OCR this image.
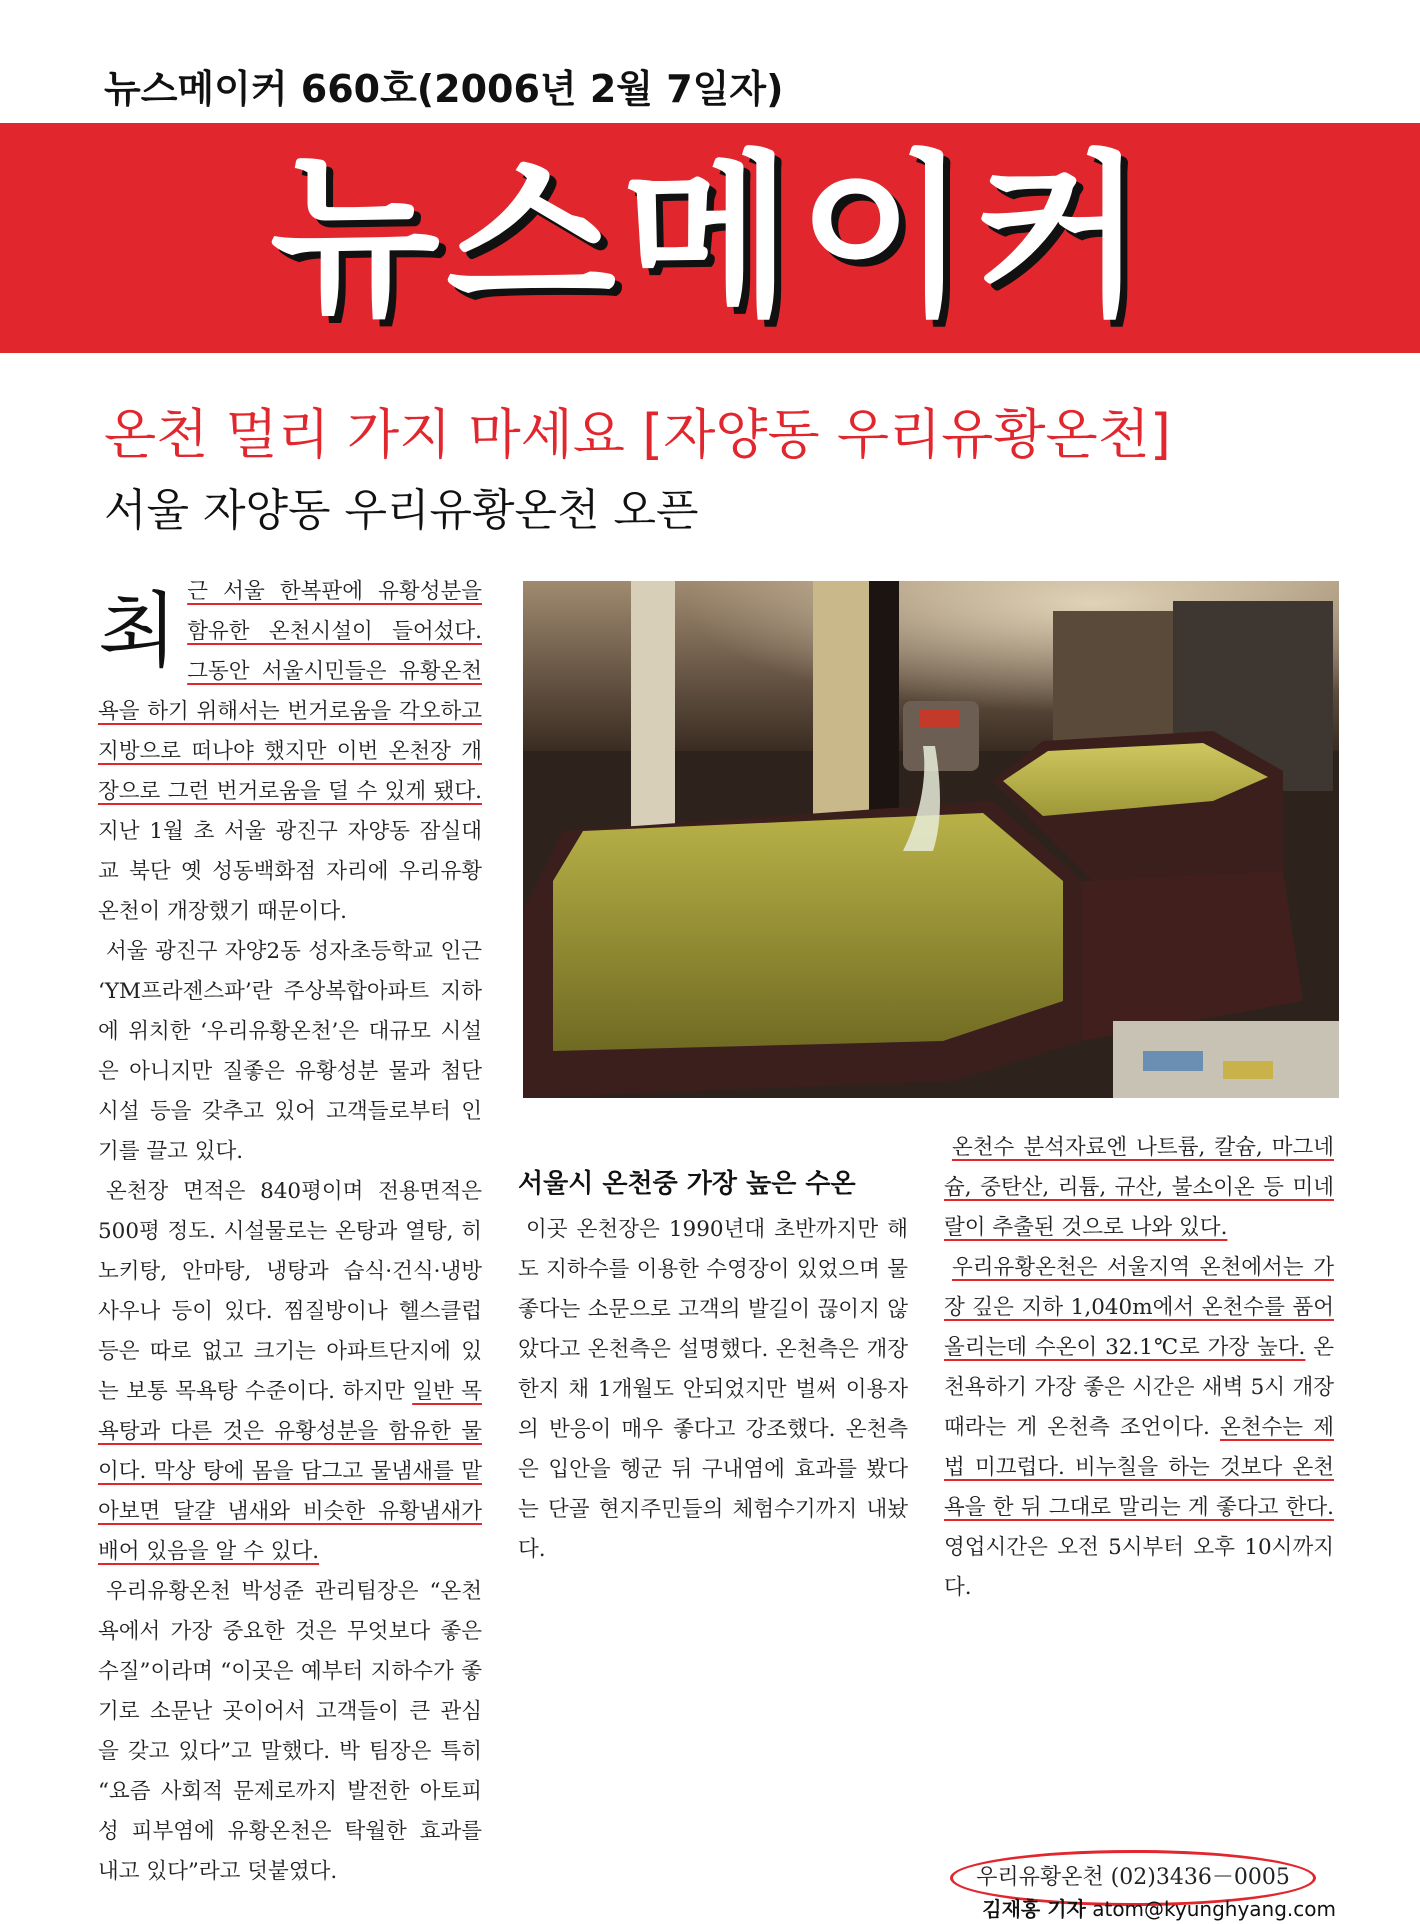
뉴스메이커 660호(2006년 2월 7일자)
뉴스메이커
온천 멀리 가지 마세요 [자양동 우리유황온천]
서울 자양동 우리유황온천 오픈

최근 서울 한복판에 유황성분을 함유한 온천시설이 들어섰다. 그동안 서울시민들은 유황온천욕을 하기 위해서는 번거로움을 각오하고 지방으로 떠나야 했지만 이번 온천장 개장으로 그런 번거로움을 덜 수 있게 됐다. 지난 1월 초 서울 광진구 자양동 잠실대교 북단 옛 성동백화점 자리에 우리유황온천이 개장했기 때문이다.

서울 광진구 자양2동 성자초등학교 인근 ‘YM프라젠스파’란 주상복합아파트 지하에 위치한 ‘우리유황온천’은 대규모 시설은 아니지만 질좋은 유황성분 물과 첨단시설 등을 갖추고 있어 고객들로부터 인기를 끌고 있다.

온천장 면적은 840평이며 전용면적은 500평 정도. 시설물로는 온탕과 열탕, 히노키탕, 안마탕, 냉탕과 습식·건식·냉방 사우나 등이 있다. 찜질방이나 헬스클럽 등은 따로 없고 크기는 아파트단지에 있는 보통 목욕탕 수준이다. 하지만 일반 목욕탕과 다른 것은 유황성분을 함유한 물이다. 막상 탕에 몸을 담그고 물냄새를 맡아보면 달걀 냄새와 비슷한 유황냄새가 배어 있음을 알 수 있다.

우리유황온천 박성준 관리팀장은 “온천욕에서 가장 중요한 것은 무엇보다 좋은 수질”이라며 “이곳은 예부터 지하수가 좋기로 소문난 곳이어서 고객들이 큰 관심을 갖고 있다”고 말했다. 박 팀장은 특히 “요즘 사회적 문제로까지 발전한 아토피성 피부염에 유황온천은 탁월한 효과를 내고 있다”라고 덧붙였다.

서울시 온천중 가장 높은 수온

이곳 온천장은 1990년대 초반까지만 해도 지하수를 이용한 수영장이 있었으며 물 좋다는 소문으로 고객의 발길이 끊이지 않았다고 온천측은 설명했다. 온천측은 개장한지 채 1개월도 안되었지만 벌써 이용자의 반응이 매우 좋다고 강조했다. 온천측은 입안을 헹군 뒤 구내염에 효과를 봤다는 단골 현지주민들의 체험수기까지 내놨다.

온천수 분석자료엔 나트륨, 칼슘, 마그네슘, 중탄산, 리튬, 규산, 불소이온 등 미네랄이 추출된 것으로 나와 있다.

우리유황온천은 서울지역 온천에서는 가장 깊은 지하 1,040m에서 온천수를 품어 올리는데 수온이 32.1℃로 가장 높다. 온천욕하기 가장 좋은 시간은 새벽 5시 개장 때라는 게 온천측 조언이다. 온천수는 제법 미끄럽다. 비누칠을 하는 것보다 온천욕을 한 뒤 그대로 말리는 게 좋다고 한다. 영업시간은 오전 5시부터 오후 10시까지다.

우리유황온천 (02)3436－0005
김재홍 기자 atom@kyunghyang.com
